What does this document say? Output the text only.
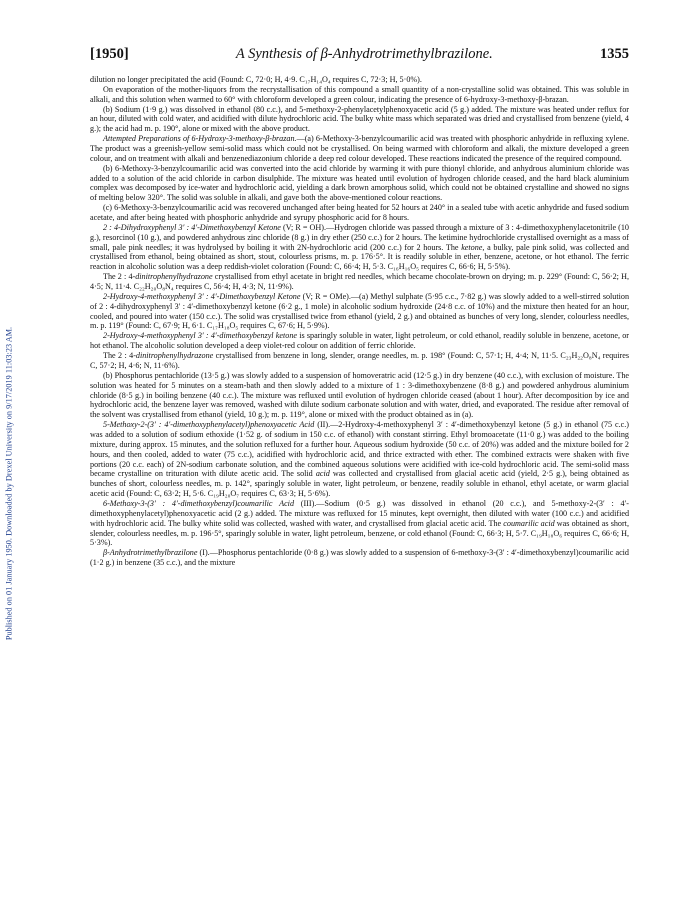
Published on 01 January 1950. Downloaded by Drexel University on 9/17/2019 11:03:23 AM.
[1950]	A Synthesis of β-Anhydrotrimethylbrazilone.	1355

dilution no longer precipitated the acid (Found: C, 72·0; H, 4·9. C₁₇H₁₄O₄ requires C, 72·3; H, 5·0%).

On evaporation of the mother-liquors from the recrystallisation of this compound a small quantity of a non-crystalline solid was obtained. This was soluble in alkali, and this solution when warmed to 60° with chloroform developed a green colour, indicating the presence of 6-hydroxy-3-methoxy-β-brazan.

(b) Sodium (1·9 g.) was dissolved in ethanol (80 c.c.), and 5-methoxy-2-phenylacetylphenoxyacetic acid (5 g.) added. The mixture was heated under reflux for an hour, diluted with cold water, and acidified with dilute hydrochloric acid. The bulky white mass which separated was dried and crystallised from benzene (yield, 4 g.); the acid had m. p. 190°, alone or mixed with the above product.

Attempted Preparations of 6-Hydroxy-3-methoxy-β-brazan.—(a) 6-Methoxy-3-benzylcoumarilic acid was treated with phosphoric anhydride in refluxing xylene. The product was a greenish-yellow semi-solid mass which could not be crystallised. On being warmed with chloroform and alkali, the mixture developed a green colour, and on treatment with alkali and benzenediazonium chloride a deep red colour developed. These reactions indicated the presence of the required compound.

(b) 6-Methoxy-3-benzylcoumarilic acid was converted into the acid chloride by warming it with pure thionyl chloride, and anhydrous aluminium chloride was added to a solution of the acid chloride in carbon disulphide. The mixture was heated until evolution of hydrogen chloride ceased, and the hard black aluminium complex was decomposed by ice-water and hydrochloric acid, yielding a dark brown amorphous solid, which could not be obtained crystalline and showed no signs of melting below 320°. The solid was soluble in alkali, and gave both the above-mentioned colour reactions.

(c) 6-Methoxy-3-benzylcoumarilic acid was recovered unchanged after being heated for 52 hours at 240° in a sealed tube with acetic anhydride and fused sodium acetate, and after being heated with phosphoric anhydride and syrupy phosphoric acid for 8 hours.

2 : 4-Dihydroxyphenyl 3′ : 4′-Dimethoxybenzyl Ketone (V; R = OH).—Hydrogen chloride was passed through a mixture of 3 : 4-dimethoxyphenylacetonitrile (10 g.), resorcinol (10 g.), and powdered anhydrous zinc chloride (8 g.) in dry ether (250 c.c.) for 2 hours. The ketimine hydrochloride crystallised overnight as a mass of small, pale pink needles; it was hydrolysed by boiling it with 2N-hydrochloric acid (200 c.c.) for 2 hours. The ketone, a bulky, pale pink solid, was collected and crystallised from ethanol, being obtained as short, stout, colourless prisms, m. p. 176·5°. It is readily soluble in ether, benzene, acetone, or hot ethanol. The ferric reaction in alcoholic solution was a deep reddish-violet coloration (Found: C, 66·4; H, 5·3. C₁₆H₁₆O₅ requires C, 66·6; H, 5·5%).

The 2 : 4-dinitrophenylhydrazone crystallised from ethyl acetate in bright red needles, which became chocolate-brown on drying; m. p. 229° (Found: C, 56·2; H, 4·5; N, 11·4. C₂₂H₂₀O₈N₄ requires C, 56·4; H, 4·3; N, 11·9%).

2-Hydroxy-4-methoxyphenyl 3′ : 4′-Dimethoxybenzyl Ketone (V; R = OMe).—(a) Methyl sulphate (5·95 c.c., 7·82 g.) was slowly added to a well-stirred solution of 2 : 4-dihydroxyphenyl 3′ : 4′-dimethoxybenzyl ketone (6·2 g., 1 mole) in alcoholic sodium hydroxide (24·8 c.c. of 10%) and the mixture then heated for an hour, cooled, and poured into water (150 c.c.). The solid was crystallised twice from ethanol (yield, 2 g.) and obtained as bunches of very long, slender, colourless needles, m. p. 119° (Found: C, 67·9; H, 6·1. C₁₇H₁₈O₅ requires C, 67·6; H, 5·9%).

2-Hydroxy-4-methoxyphenyl 3′ : 4′-dimethoxybenzyl ketone is sparingly soluble in water, light petroleum, or cold ethanol, readily soluble in benzene, acetone, or hot ethanol. The alcoholic solution developed a deep violet-red colour on addition of ferric chloride.

The 2 : 4-dinitrophenylhydrazone crystallised from benzene in long, slender, orange needles, m. p. 198° (Found: C, 57·1; H, 4·4; N, 11·5. C₂₃H₂₂O₈N₄ requires C, 57·2; H, 4·6; N, 11·6%).

(b) Phosphorus pentachloride (13·5 g.) was slowly added to a suspension of homoveratric acid (12·5 g.) in dry benzene (40 c.c.), with exclusion of moisture. The solution was heated for 5 minutes on a steam-bath and then slowly added to a mixture of 1 : 3-dimethoxybenzene (8·8 g.) and powdered anhydrous aluminium chloride (8·5 g.) in boiling benzene (40 c.c.). The mixture was refluxed until evolution of hydrogen chloride ceased (about 1 hour). After decomposition by ice and hydrochloric acid, the benzene layer was removed, washed with dilute sodium carbonate solution and with water, dried, and evaporated. The residue after removal of the solvent was crystallised from ethanol (yield, 10 g.); m. p. 119°, alone or mixed with the product obtained as in (a).

5-Methoxy-2-(3′ : 4′-dimethoxyphenylacetyl)phenoxyacetic Acid (II).—2-Hydroxy-4-methoxyphenyl 3′ : 4′-dimethoxybenzyl ketone (5 g.) in ethanol (75 c.c.) was added to a solution of sodium ethoxide (1·52 g. of sodium in 150 c.c. of ethanol) with constant stirring. Ethyl bromoacetate (11·0 g.) was added to the boiling mixture, during approx. 15 minutes, and the solution refluxed for a further hour. Aqueous sodium hydroxide (50 c.c. of 20%) was added and the mixture boiled for 2 hours, and then cooled, added to water (75 c.c.), acidified with hydrochloric acid, and thrice extracted with ether. The combined extracts were shaken with five portions (20 c.c. each) of 2N-sodium carbonate solution, and the combined aqueous solutions were acidified with ice-cold hydrochloric acid. The semi-solid mass became crystalline on trituration with dilute acetic acid. The solid acid was collected and crystallised from glacial acetic acid (yield, 2·5 g.), being obtained as bunches of short, colourless needles, m. p. 142°, sparingly soluble in water, light petroleum, or benzene, readily soluble in ethanol, ethyl acetate, or warm glacial acetic acid (Found: C, 63·2; H, 5·6. C₁₉H₂₀O₇ requires C, 63·3; H, 5·6%).

6-Methoxy-3-(3′ : 4′-dimethoxybenzyl)coumarilic Acid (III).—Sodium (0·5 g.) was dissolved in ethanol (20 c.c.), and 5-methoxy-2-(3′ : 4′-dimethoxyphenylacetyl)phenoxyacetic acid (2 g.) added. The mixture was refluxed for 15 minutes, kept overnight, then diluted with water (100 c.c.) and acidified with hydrochloric acid. The bulky white solid was collected, washed with water, and crystallised from glacial acetic acid. The coumarilic acid was obtained as short, slender, colourless needles, m. p. 196·5°, sparingly soluble in water, light petroleum, benzene, or cold ethanol (Found: C, 66·3; H, 5·7. C₁₉H₁₈O₆ requires C, 66·6; H, 5·3%).

β-Anhydrotrimethylbrazilone (I).—Phosphorus pentachloride (0·8 g.) was slowly added to a suspension of 6-methoxy-3-(3′ : 4′-dimethoxybenzyl)coumarilic acid (1·2 g.) in benzene (35 c.c.), and the mixture
